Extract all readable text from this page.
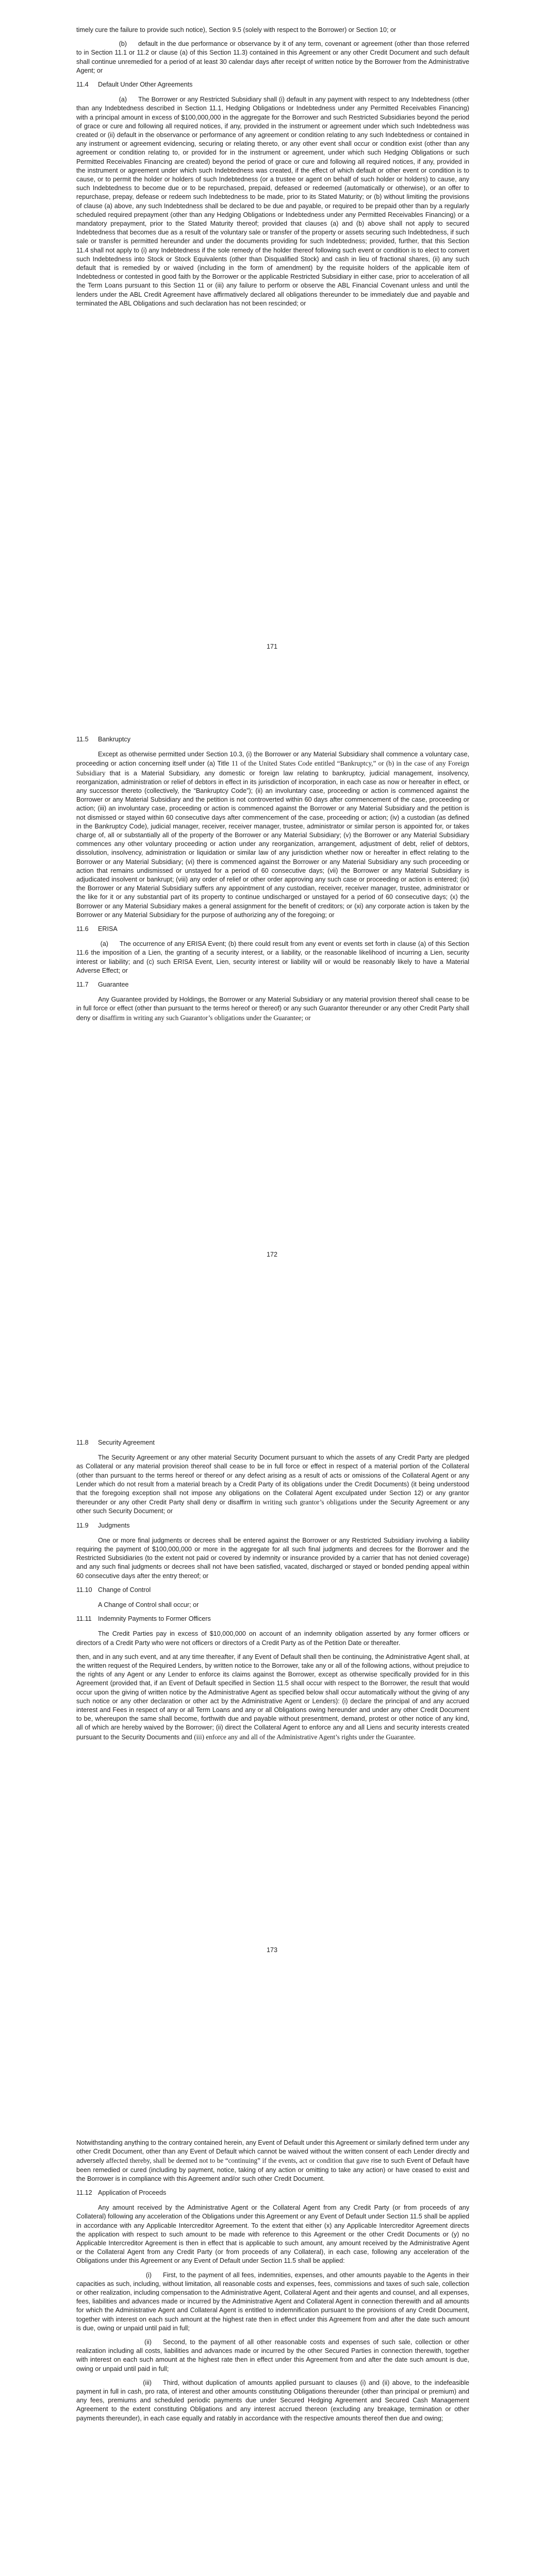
timely cure the failure to provide such notice), Section 9.5 (solely with respect to the Borrower) or Section 10; or

(b) default in the due performance or observance by it of any term, covenant or agreement (other than those referred to in Section 11.1 or 11.2 or clause (a) of this Section 11.3) contained in this Agreement or any other Credit Document and such default shall continue unremedied for a period of at least 30 calendar days after receipt of written notice by the Borrower from the Administrative Agent; or

11.4 Default Under Other Agreements

(a) The Borrower or any Restricted Subsidiary shall (i) default in any payment with respect to any Indebtedness (other than any Indebtedness described in Section 11.1, Hedging Obligations or Indebtedness under any Permitted Receivables Financing) with a principal amount in excess of $100,000,000 in the aggregate for the Borrower and such Restricted Subsidiaries beyond the period of grace or cure and following all required notices, if any, provided in the instrument or agreement under which such Indebtedness was created or (ii) default in the observance or performance of any agreement or condition relating to any such Indebtedness or contained in any instrument or agreement evidencing, securing or relating thereto, or any other event shall occur or condition exist (other than any agreement or condition relating to, or provided for in the instrument or agreement, under which such Hedging Obligations or such Permitted Receivables Financing are created) beyond the period of grace or cure and following all required notices, if any, provided in the instrument or agreement under which such Indebtedness was created, if the effect of which default or other event or condition is to cause, or to permit the holder or holders of such Indebtedness (or a trustee or agent on behalf of such holder or holders) to cause, any such Indebtedness to become due or to be repurchased, prepaid, defeased or redeemed (automatically or otherwise), or an offer to repurchase, prepay, defease or redeem such Indebtedness to be made, prior to its Stated Maturity; or (b) without limiting the provisions of clause (a) above, any such Indebtedness shall be declared to be due and payable, or required to be prepaid other than by a regularly scheduled required prepayment (other than any Hedging Obligations or Indebtedness under any Permitted Receivables Financing) or a mandatory prepayment, prior to the Stated Maturity thereof; provided that clauses (a) and (b) above shall not apply to secured Indebtedness that becomes due as a result of the voluntary sale or transfer of the property or assets securing such Indebtedness, if such sale or transfer is permitted hereunder and under the documents providing for such Indebtedness; provided, further, that this Section 11.4 shall not apply to (i) any Indebtedness if the sole remedy of the holder thereof following such event or condition is to elect to convert such Indebtedness into Stock or Stock Equivalents (other than Disqualified Stock) and cash in lieu of fractional shares, (ii) any such default that is remedied by or waived (including in the form of amendment) by the requisite holders of the applicable item of Indebtedness or contested in good faith by the Borrower or the applicable Restricted Subsidiary in either case, prior to acceleration of all the Term Loans pursuant to this Section 11 or (iii) any failure to perform or observe the ABL Financial Covenant unless and until the lenders under the ABL Credit Agreement have affirmatively declared all obligations thereunder to be immediately due and payable and terminated the ABL Obligations and such declaration has not been rescinded; or

171
11.5 Bankruptcy

Except as otherwise permitted under Section 10.3, (i) the Borrower or any Material Subsidiary shall commence a voluntary case, proceeding or action concerning itself under (a) Title 11 of the United States Code entitled “Bankruptcy,” or (b) in the case of any Foreign Subsidiary that is a Material Subsidiary, any domestic or foreign law relating to bankruptcy, judicial management, insolvency, reorganization, administration or relief of debtors in effect in its jurisdiction of incorporation, in each case as now or hereafter in effect, or any successor thereto (collectively, the “Bankruptcy Code”); (ii) an involuntary case, proceeding or action is commenced against the Borrower or any Material Subsidiary and the petition is not controverted within 60 days after commencement of the case, proceeding or action; (iii) an involuntary case, proceeding or action is commenced against the Borrower or any Material Subsidiary and the petition is not dismissed or stayed within 60 consecutive days after commencement of the case, proceeding or action; (iv) a custodian (as defined in the Bankruptcy Code), judicial manager, receiver, receiver manager, trustee, administrator or similar person is appointed for, or takes charge of, all or substantially all of the property of the Borrower or any Material Subsidiary; (v) the Borrower or any Material Subsidiary commences any other voluntary proceeding or action under any reorganization, arrangement, adjustment of debt, relief of debtors, dissolution, insolvency, administration or liquidation or similar law of any jurisdiction whether now or hereafter in effect relating to the Borrower or any Material Subsidiary; (vi) there is commenced against the Borrower or any Material Subsidiary any such proceeding or action that remains undismissed or unstayed for a period of 60 consecutive days; (vii) the Borrower or any Material Subsidiary is adjudicated insolvent or bankrupt; (viii) any order of relief or other order approving any such case or proceeding or action is entered; (ix) the Borrower or any Material Subsidiary suffers any appointment of any custodian, receiver, receiver manager, trustee, administrator or the like for it or any substantial part of its property to continue undischarged or unstayed for a period of 60 consecutive days; (x) the Borrower or any Material Subsidiary makes a general assignment for the benefit of creditors; or (xi) any corporate action is taken by the Borrower or any Material Subsidiary for the purpose of authorizing any of the foregoing; or

11.6 ERISA

(a) The occurrence of any ERISA Event; (b) there could result from any event or events set forth in clause (a) of this Section 11.6 the imposition of a Lien, the granting of a security interest, or a liability, or the reasonable likelihood of incurring a Lien, security interest or liability; and (c) such ERISA Event, Lien, security interest or liability will or would be reasonably likely to have a Material Adverse Effect; or

11.7 Guarantee

Any Guarantee provided by Holdings, the Borrower or any Material Subsidiary or any material provision thereof shall cease to be in full force or effect (other than pursuant to the terms hereof or thereof) or any such Guarantor thereunder or any other Credit Party shall deny or disaffirm in writing any such Guarantor’s obligations under the Guarantee; or

172
11.8 Security Agreement

The Security Agreement or any other material Security Document pursuant to which the assets of any Credit Party are pledged as Collateral or any material provision thereof shall cease to be in full force or effect in respect of a material portion of the Collateral (other than pursuant to the terms hereof or thereof or any defect arising as a result of acts or omissions of the Collateral Agent or any Lender which do not result from a material breach by a Credit Party of its obligations under the Credit Documents) (it being understood that the foregoing exception shall not impose any obligations on the Collateral Agent exculpated under Section 12) or any grantor thereunder or any other Credit Party shall deny or disaffirm in writing such grantor’s obligations under the Security Agreement or any other such Security Document; or

11.9 Judgments

One or more final judgments or decrees shall be entered against the Borrower or any Restricted Subsidiary involving a liability requiring the payment of $100,000,000 or more in the aggregate for all such final judgments and decrees for the Borrower and the Restricted Subsidiaries (to the extent not paid or covered by indemnity or insurance provided by a carrier that has not denied coverage) and any such final judgments or decrees shall not have been satisfied, vacated, discharged or stayed or bonded pending appeal within 60 consecutive days after the entry thereof; or

11.10 Change of Control

A Change of Control shall occur; or

11.11 Indemnity Payments to Former Officers

The Credit Parties pay in excess of $10,000,000 on account of an indemnity obligation asserted by any former officers or directors of a Credit Party who were not officers or directors of a Credit Party as of the Petition Date or thereafter.

then, and in any such event, and at any time thereafter, if any Event of Default shall then be continuing, the Administrative Agent shall, at the written request of the Required Lenders, by written notice to the Borrower, take any or all of the following actions, without prejudice to the rights of any Agent or any Lender to enforce its claims against the Borrower, except as otherwise specifically provided for in this Agreement (provided that, if an Event of Default specified in Section 11.5 shall occur with respect to the Borrower, the result that would occur upon the giving of written notice by the Administrative Agent as specified below shall occur automatically without the giving of any such notice or any other declaration or other act by the Administrative Agent or Lenders): (i) declare the principal of and any accrued interest and Fees in respect of any or all Term Loans and any or all Obligations owing hereunder and under any other Credit Document to be, whereupon the same shall become, forthwith due and payable without presentment, demand, protest or other notice of any kind, all of which are hereby waived by the Borrower; (ii) direct the Collateral Agent to enforce any and all Liens and security interests created pursuant to the Security Documents and (iii) enforce any and all of the Administrative Agent’s rights under the Guarantee.

173

Notwithstanding anything to the contrary contained herein, any Event of Default under this Agreement or similarly defined term under any other Credit Document, other than any Event of Default which cannot be waived without the written consent of each Lender directly and adversely affected thereby, shall be deemed not to be “continuing” if the events, act or condition that gave rise to such Event of Default have been remedied or cured (including by payment, notice, taking of any action or omitting to take any action) or have ceased to exist and the Borrower is in compliance with this Agreement and/or such other Credit Document.

11.12 Application of Proceeds

Any amount received by the Administrative Agent or the Collateral Agent from any Credit Party (or from proceeds of any Collateral) following any acceleration of the Obligations under this Agreement or any Event of Default under Section 11.5 shall be applied in accordance with any Applicable Intercreditor Agreement. To the extent that either (x) any Applicable Intercreditor Agreement directs the application with respect to such amount to be made with reference to this Agreement or the other Credit Documents or (y) no Applicable Intercreditor Agreement is then in effect that is applicable to such amount, any amount received by the Administrative Agent or the Collateral Agent from any Credit Party (or from proceeds of any Collateral), in each case, following any acceleration of the Obligations under this Agreement or any Event of Default under Section 11.5 shall be applied:

(i) First, to the payment of all fees, indemnities, expenses, and other amounts payable to the Agents in their capacities as such, including, without limitation, all reasonable costs and expenses, fees, commissions and taxes of such sale, collection or other realization, including compensation to the Administrative Agent, Collateral Agent and their agents and counsel, and all expenses, fees, liabilities and advances made or incurred by the Administrative Agent and Collateral Agent in connection therewith and all amounts for which the Administrative Agent and Collateral Agent is entitled to indemnification pursuant to the provisions of any Credit Document, together with interest on each such amount at the highest rate then in effect under this Agreement from and after the date such amount is due, owing or unpaid until paid in full;

(ii) Second, to the payment of all other reasonable costs and expenses of such sale, collection or other realization including all costs, liabilities and advances made or incurred by the other Secured Parties in connection therewith, together with interest on each such amount at the highest rate then in effect under this Agreement from and after the date such amount is due, owing or unpaid until paid in full;

(iii) Third, without duplication of amounts applied pursuant to clauses (i) and (ii) above, to the indefeasible payment in full in cash, pro rata, of interest and other amounts constituting Obligations thereunder (other than principal or premium) and any fees, premiums and scheduled periodic payments due under Secured Hedging Agreement and Secured Cash Management Agreement to the extent constituting Obligations and any interest accrued thereon (excluding any breakage, termination or other payments thereunder), in each case equally and ratably in accordance with the respective amounts thereof then due and owing;
